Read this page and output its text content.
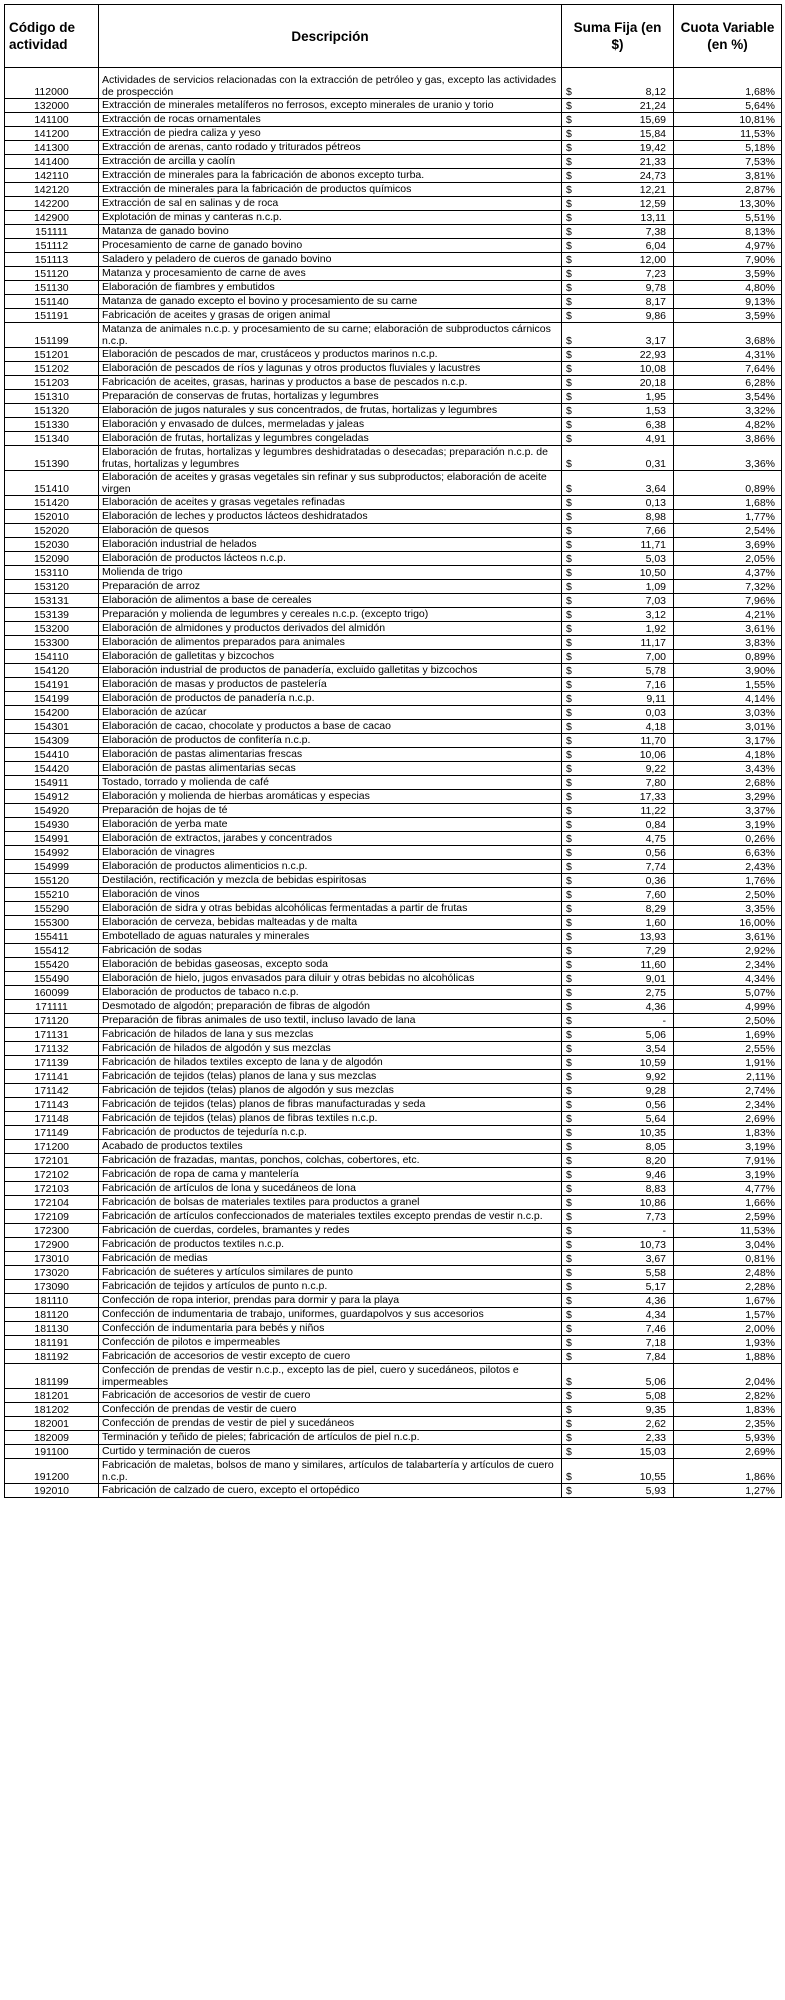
Código de actividad	Descripción	Suma Fija (en $)	Cuota Variable (en %)

112000	Actividades de servicios relacionadas con la extracción de petróleo y gas, excepto las actividades de prospección	$ 8,12	1,68%
132000	Extracción de minerales metalíferos no ferrosos, excepto minerales de uranio y torio	$ 21,24	5,64%
141100	Extracción de rocas ornamentales	$ 15,69	10,81%
141200	Extracción de piedra caliza y yeso	$ 15,84	11,53%
141300	Extracción de arenas, canto rodado y triturados pétreos	$ 19,42	5,18%
141400	Extracción de arcilla y caolín	$ 21,33	7,53%
142110	Extracción de minerales para la fabricación de abonos excepto turba.	$ 24,73	3,81%
142120	Extracción de minerales para la fabricación de productos químicos	$ 12,21	2,87%
142200	Extracción de sal en salinas y de roca	$ 12,59	13,30%
142900	Explotación de minas y canteras n.c.p.	$ 13,11	5,51%
151111	Matanza de ganado bovino	$ 7,38	8,13%
151112	Procesamiento de carne de ganado bovino	$ 6,04	4,97%
151113	Saladero y peladero de cueros de ganado bovino	$ 12,00	7,90%
151120	Matanza y procesamiento de carne de aves	$ 7,23	3,59%
151130	Elaboración de fiambres y embutidos	$ 9,78	4,80%
151140	Matanza de ganado excepto el bovino y procesamiento de su carne	$ 8,17	9,13%
151191	Fabricación de aceites y grasas de origen animal	$ 9,86	3,59%
151199	Matanza de animales n.c.p. y procesamiento de su carne; elaboración de subproductos cárnicos n.c.p.	$ 3,17	3,68%
151201	Elaboración de pescados de mar, crustáceos y productos marinos n.c.p.	$ 22,93	4,31%
151202	Elaboración de pescados de ríos y lagunas y otros productos fluviales y lacustres	$ 10,08	7,64%
151203	Fabricación de aceites, grasas, harinas y productos a base de pescados n.c.p.	$ 20,18	6,28%
151310	Preparación de conservas de frutas, hortalizas y legumbres	$ 1,95	3,54%
151320	Elaboración de jugos naturales y sus concentrados, de frutas, hortalizas y legumbres	$ 1,53	3,32%
151330	Elaboración y envasado de dulces, mermeladas y jaleas	$ 6,38	4,82%
151340	Elaboración de frutas, hortalizas y legumbres congeladas	$ 4,91	3,86%
151390	Elaboración de frutas, hortalizas y legumbres deshidratadas o desecadas; preparación n.c.p. de frutas, hortalizas y legumbres	$ 0,31	3,36%
151410	Elaboración de aceites y grasas vegetales sin refinar y sus subproductos; elaboración de aceite virgen	$ 3,64	0,89%
151420	Elaboración de aceites y grasas vegetales refinadas	$ 0,13	1,68%
152010	Elaboración de leches y productos lácteos deshidratados	$ 8,98	1,77%
152020	Elaboración de quesos	$ 7,66	2,54%
152030	Elaboración industrial de helados	$ 11,71	3,69%
152090	Elaboración de productos lácteos n.c.p.	$ 5,03	2,05%
153110	Molienda de trigo	$ 10,50	4,37%
153120	Preparación de arroz	$ 1,09	7,32%
153131	Elaboración de alimentos a base de cereales	$ 7,03	7,96%
153139	Preparación y molienda de legumbres y cereales n.c.p. (excepto trigo)	$ 3,12	4,21%
153200	Elaboración de almidones y productos derivados del almidón	$ 1,92	3,61%
153300	Elaboración de alimentos preparados para animales	$ 11,17	3,83%
154110	Elaboración de galletitas y bizcochos	$ 7,00	0,89%
154120	Elaboración industrial de productos de panadería, excluido galletitas y bizcochos	$ 5,78	3,90%
154191	Elaboración de masas y productos de pastelería	$ 7,16	1,55%
154199	Elaboración de productos de panadería n.c.p.	$ 9,11	4,14%
154200	Elaboración de azúcar	$ 0,03	3,03%
154301	Elaboración de cacao, chocolate y productos a base de cacao	$ 4,18	3,01%
154309	Elaboración de productos de confitería n.c.p.	$ 11,70	3,17%
154410	Elaboración de pastas alimentarias frescas	$ 10,06	4,18%
154420	Elaboración de pastas alimentarias secas	$ 9,22	3,43%
154911	Tostado, torrado y molienda de café	$ 7,80	2,68%
154912	Elaboración y molienda de hierbas aromáticas y especias	$ 17,33	3,29%
154920	Preparación de hojas de té	$ 11,22	3,37%
154930	Elaboración de yerba mate	$ 0,84	3,19%
154991	Elaboración de extractos, jarabes y concentrados	$ 4,75	0,26%
154992	Elaboración de vinagres	$ 0,56	6,63%
154999	Elaboración de productos alimenticios n.c.p.	$ 7,74	2,43%
155120	Destilación, rectificación y mezcla de bebidas espiritosas	$ 0,36	1,76%
155210	Elaboración de vinos	$ 7,60	2,50%
155290	Elaboración de sidra y otras bebidas alcohólicas fermentadas a partir de frutas	$ 8,29	3,35%
155300	Elaboración de cerveza, bebidas malteadas y de malta	$ 1,60	16,00%
155411	Embotellado de aguas naturales y minerales	$ 13,93	3,61%
155412	Fabricación de sodas	$ 7,29	2,92%
155420	Elaboración de bebidas gaseosas, excepto soda	$ 11,60	2,34%
155490	Elaboración de hielo, jugos envasados para diluir y otras bebidas no alcohólicas	$ 9,01	4,34%
160099	Elaboración de productos de tabaco n.c.p.	$ 2,75	5,07%
171111	Desmotado de algodón; preparación de fibras de algodón	$ 4,36	4,99%
171120	Preparación de fibras animales de uso textil, incluso lavado de lana	$ -	2,50%
171131	Fabricación de hilados de lana y sus mezclas	$ 5,06	1,69%
171132	Fabricación de hilados de algodón y sus mezclas	$ 3,54	2,55%
171139	Fabricación de hilados textiles excepto de lana y de algodón	$ 10,59	1,91%
171141	Fabricación de tejidos (telas) planos de lana y sus mezclas	$ 9,92	2,11%
171142	Fabricación de tejidos (telas) planos de algodón y sus mezclas	$ 9,28	2,74%
171143	Fabricación de tejidos (telas) planos de fibras manufacturadas y seda	$ 0,56	2,34%
171148	Fabricación de tejidos (telas) planos de fibras textiles n.c.p.	$ 5,64	2,69%
171149	Fabricación de productos de tejeduría n.c.p.	$ 10,35	1,83%
171200	Acabado de productos textiles	$ 8,05	3,19%
172101	Fabricación de frazadas, mantas, ponchos, colchas, cobertores, etc.	$ 8,20	7,91%
172102	Fabricación de ropa de cama y mantelería	$ 9,46	3,19%
172103	Fabricación de artículos de lona y sucedáneos de lona	$ 8,83	4,77%
172104	Fabricación de bolsas de materiales textiles para productos a granel	$ 10,86	1,66%
172109	Fabricación de artículos confeccionados de materiales textiles excepto prendas de vestir n.c.p.	$ 7,73	2,59%
172300	Fabricación de cuerdas, cordeles, bramantes y redes	$ -	11,53%
172900	Fabricación de productos textiles n.c.p.	$ 10,73	3,04%
173010	Fabricación de medias	$ 3,67	0,81%
173020	Fabricación de suéteres y artículos similares de punto	$ 5,58	2,48%
173090	Fabricación de tejidos y artículos de punto n.c.p.	$ 5,17	2,28%
181110	Confección de ropa interior, prendas para dormir y para la playa	$ 4,36	1,67%
181120	Confección de indumentaria de trabajo, uniformes, guardapolvos y sus accesorios	$ 4,34	1,57%
181130	Confección de indumentaria para bebés y niños	$ 7,46	2,00%
181191	Confección de pilotos e impermeables	$ 7,18	1,93%
181192	Fabricación de accesorios de vestir excepto de cuero	$ 7,84	1,88%
181199	Confección de prendas de vestir n.c.p., excepto las de piel, cuero y sucedáneos, pilotos e impermeables	$ 5,06	2,04%
181201	Fabricación de accesorios de vestir de cuero	$ 5,08	2,82%
181202	Confección de prendas de vestir de cuero	$ 9,35	1,83%
182001	Confección de prendas de vestir de piel y sucedáneos	$ 2,62	2,35%
182009	Terminación y teñido de pieles; fabricación de artículos de piel n.c.p.	$ 2,33	5,93%
191100	Curtido y terminación de cueros	$ 15,03	2,69%
191200	Fabricación de maletas, bolsos de mano y similares, artículos de talabartería y artículos de cuero n.c.p.	$ 10,55	1,86%
192010	Fabricación de calzado de cuero, excepto el ortopédico	$ 5,93	1,27%
